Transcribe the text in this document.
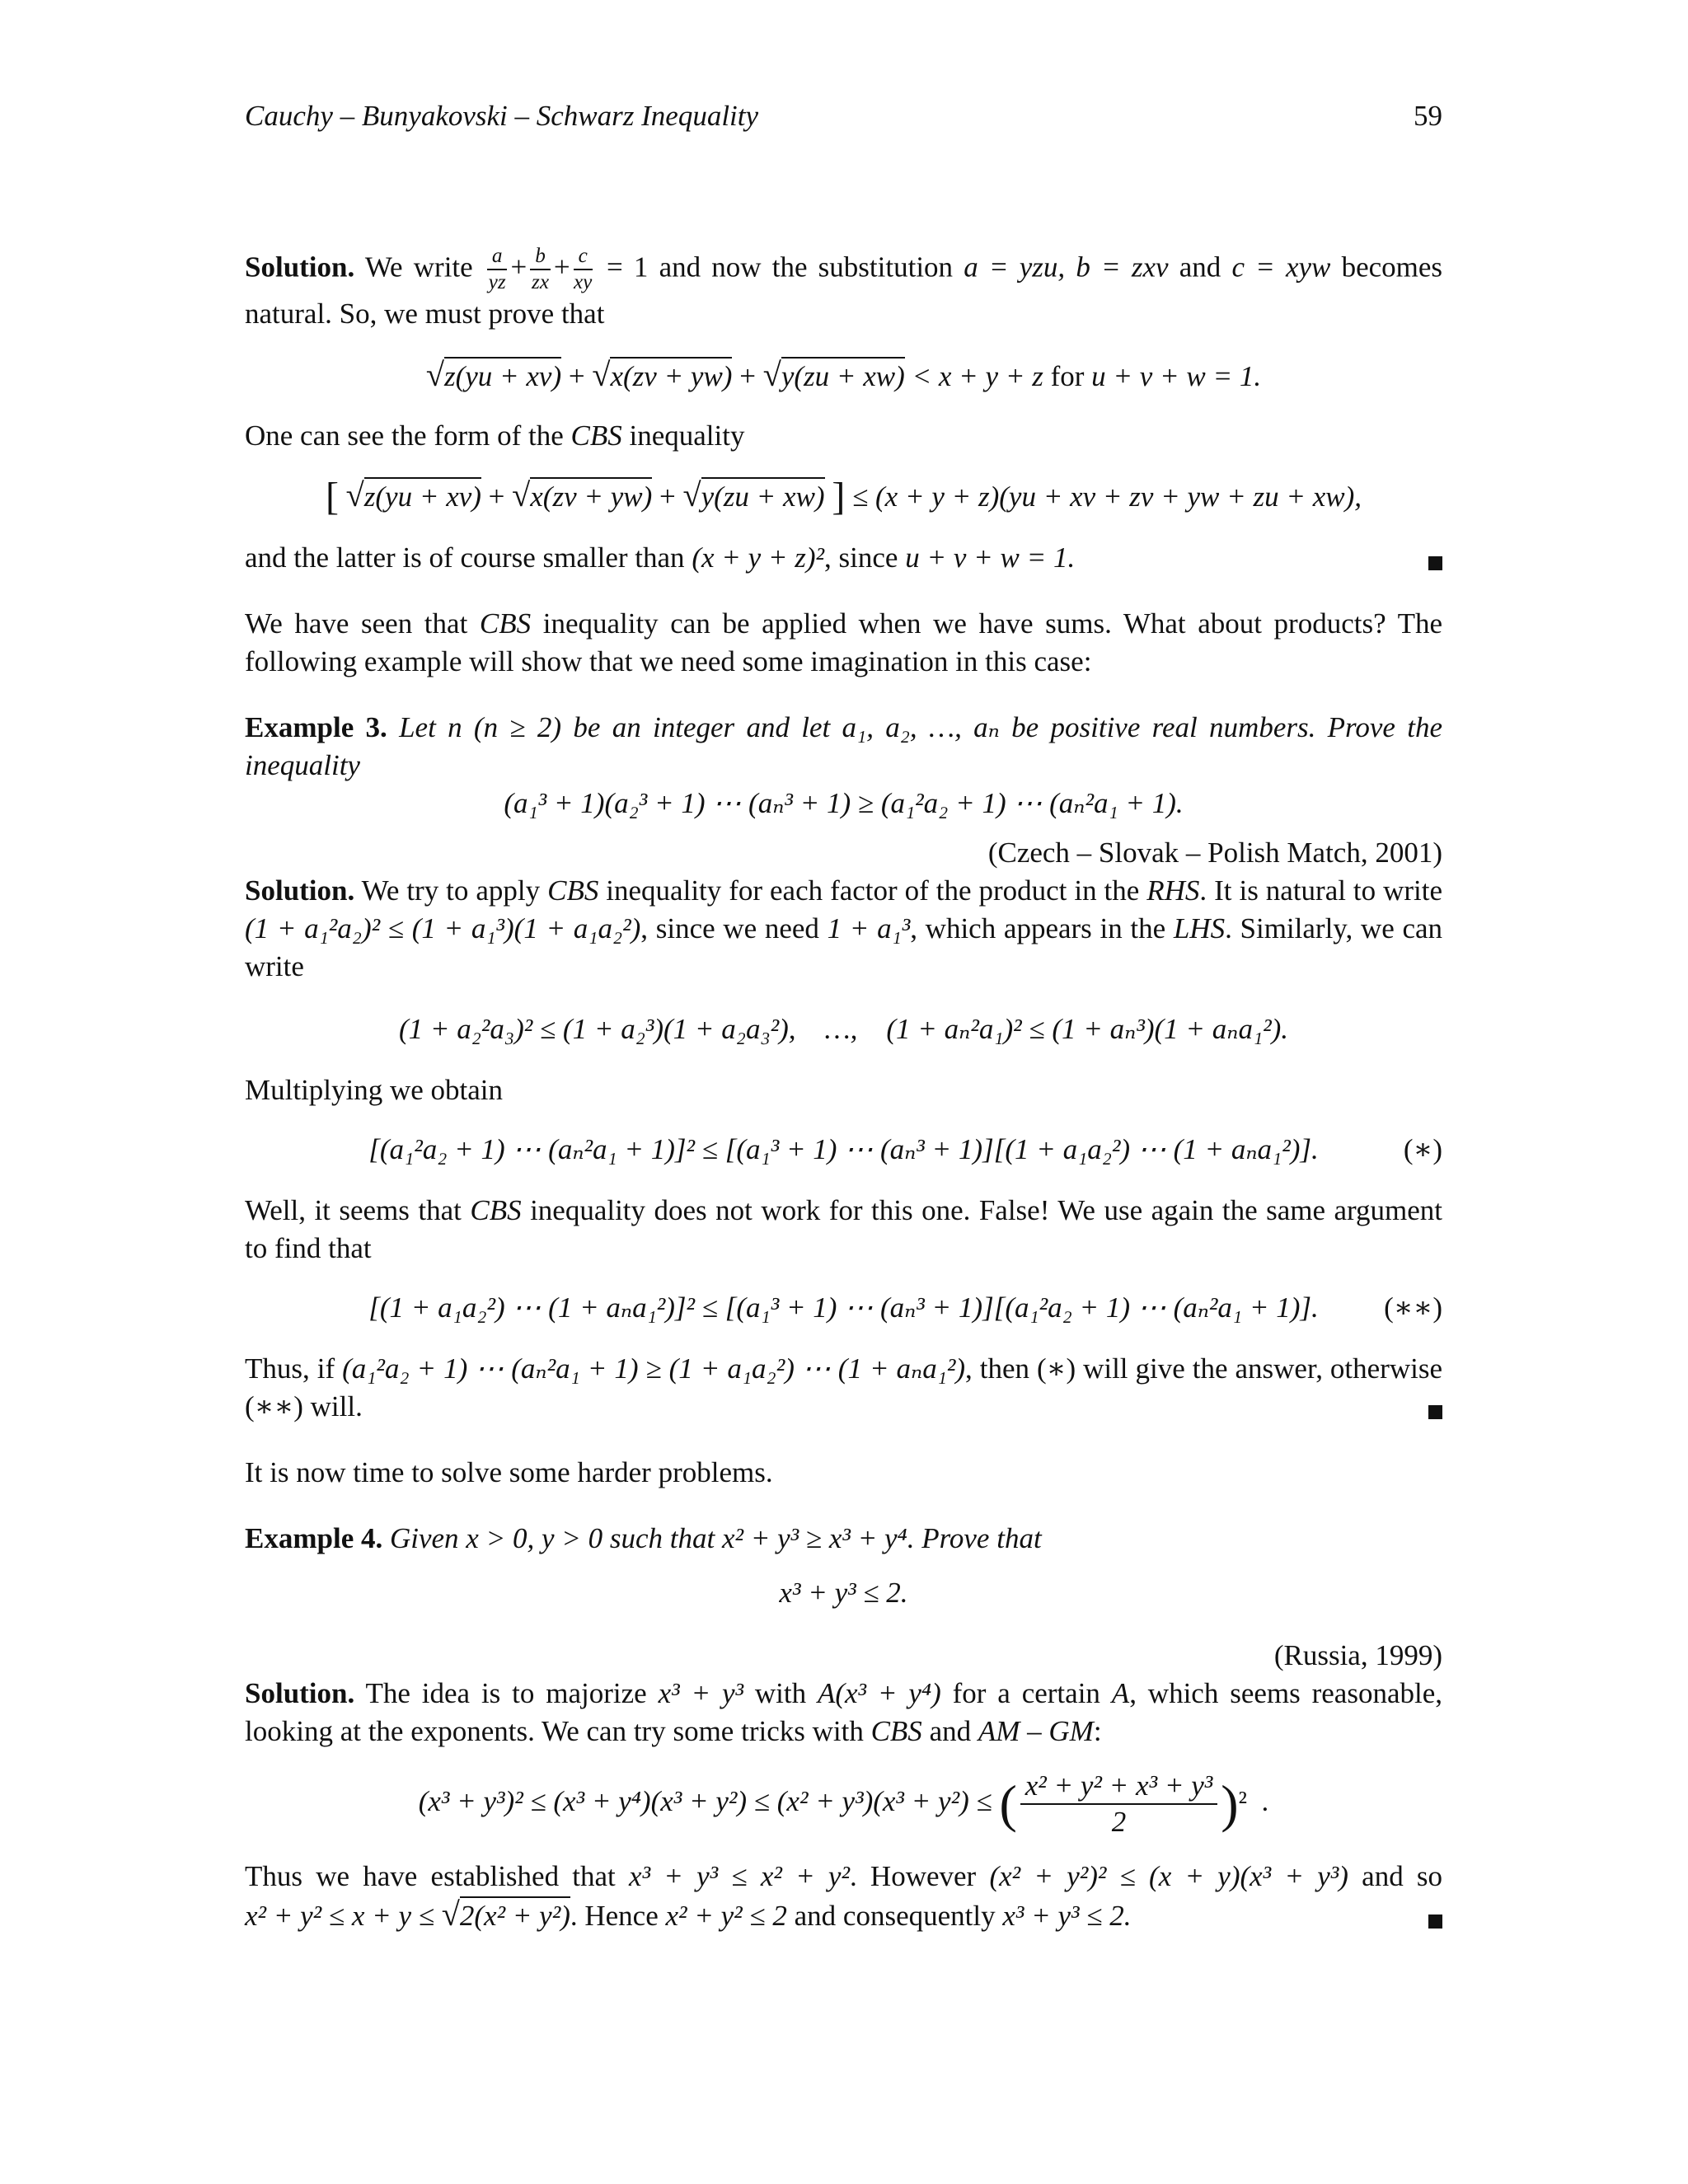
Cauchy – Bunyakovski – Schwarz Inequality	59

Solution. We write $\frac{a}{yz} + \frac{b}{zx} + \frac{c}{xy} = 1$ and now the substitution a = yzu, b = zxv and c = xyw becomes natural. So, we must prove that

√z(yu + xv) + √x(zv + yw) + √y(zu + xw) < x + y + z for u + v + w = 1.

One can see the form of the CBS inequality

[ √z(yu + xv) + √x(zv + yw) + √y(zu + xw) ] ≤ (x + y + z)(yu + xv + zv + yw + zu + xw),

and the latter is of course smaller than (x + y + z)², since u + v + w = 1.

We have seen that CBS inequality can be applied when we have sums. What about products? The following example will show that we need some imagination in this case:

Example 3. Let n (n ≥ 2) be an integer and let a₁, a₂, …, aₙ be positive real numbers. Prove the inequality

(a₁³ + 1)(a₂³ + 1) ⋯ (aₙ³ + 1) ≥ (a₁²a₂ + 1) ⋯ (aₙ²a₁ + 1).

(Czech – Slovak – Polish Match, 2001)

Solution. We try to apply CBS inequality for each factor of the product in the RHS. It is natural to write (1 + a₁²a₂)² ≤ (1 + a₁³)(1 + a₁a₂²), since we need 1 + a₁³, which appears in the LHS. Similarly, we can write

(1 + a₂²a₃)² ≤ (1 + a₂³)(1 + a₂a₃²),    …,    (1 + aₙ²a₁)² ≤ (1 + aₙ³)(1 + aₙa₁²).

Multiplying we obtain

[(a₁²a₂ + 1) ⋯ (aₙ²a₁ + 1)]² ≤ [(a₁³ + 1) ⋯ (aₙ³ + 1)][(1 + a₁a₂²) ⋯ (1 + aₙa₁²)].	(∗)

Well, it seems that CBS inequality does not work for this one. False! We use again the same argument to find that

[(1 + a₁a₂²) ⋯ (1 + aₙa₁²)]² ≤ [(a₁³ + 1) ⋯ (aₙ³ + 1)][(a₁²a₂ + 1) ⋯ (aₙ²a₁ + 1)]. (∗∗)

Thus, if (a₁²a₂ + 1) ⋯ (aₙ²a₁ + 1) ≥ (1 + a₁a₂²) ⋯ (1 + aₙa₁²), then (∗) will give the answer, otherwise (∗∗) will.

It is now time to solve some harder problems.

Example 4. Given x > 0, y > 0 such that x² + y³ ≥ x³ + y⁴. Prove that

x³ + y³ ≤ 2.

(Russia, 1999)

Solution. The idea is to majorize x³ + y³ with A(x³ + y⁴) for a certain A, which seems reasonable, looking at the exponents. We can try some tricks with CBS and AM – GM:

(x³ + y³)² ≤ (x³ + y⁴)(x³ + y²) ≤ (x² + y³)(x³ + y²) ≤ ( $\frac{\text{x² + y² + x³ + y³}}{2} )^2$  .

Thus we have established that x³ + y³ ≤ x² + y². However (x² + y²)² ≤ (x + y)(x³ + y³) and so x² + y² ≤ x + y ≤ √2(x² + y²). Hence x² + y² ≤ 2 and consequently x³ + y³ ≤ 2.
